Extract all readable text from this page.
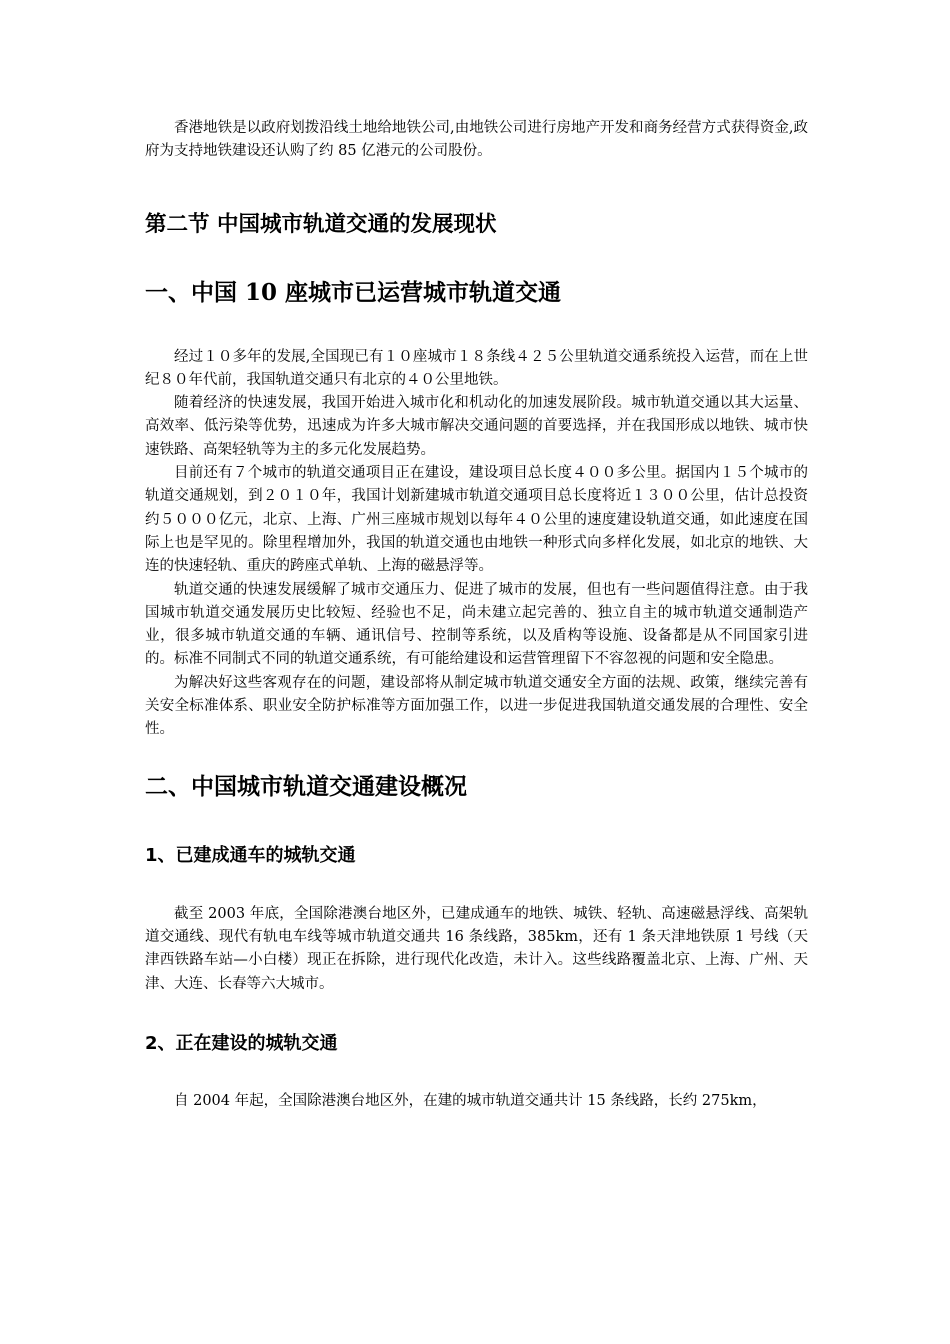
香港地铁是以政府划拨沿线土地给地铁公司,由地铁公司进行房地产开发和商务经营方式获得资金,政府为支持地铁建设还认购了约 85 亿港元的公司股份。

第二节 中国城市轨道交通的发展现状
一、中国 10 座城市已运营城市轨道交通

经过１０多年的发展,全国现已有１０座城市１８条线４２５公里轨道交通系统投入运营，而在上世纪８０年代前，我国轨道交通只有北京的４０公里地铁。

随着经济的快速发展，我国开始进入城市化和机动化的加速发展阶段。城市轨道交通以其大运量、高效率、低污染等优势，迅速成为许多大城市解决交通问题的首要选择，并在我国形成以地铁、城市快速铁路、高架轻轨等为主的多元化发展趋势。

目前还有７个城市的轨道交通项目正在建设，建设项目总长度４００多公里。据国内１５个城市的轨道交通规划，到２０１０年，我国计划新建城市轨道交通项目总长度将近１３００公里，估计总投资约５０００亿元，北京、上海、广州三座城市规划以每年４０公里的速度建设轨道交通，如此速度在国际上也是罕见的。除里程增加外，我国的轨道交通也由地铁一种形式向多样化发展，如北京的地铁、大连的快速轻轨、重庆的跨座式单轨、上海的磁悬浮等。

轨道交通的快速发展缓解了城市交通压力、促进了城市的发展，但也有一些问题值得注意。由于我国城市轨道交通发展历史比较短、经验也不足，尚未建立起完善的、独立自主的城市轨道交通制造产业，很多城市轨道交通的车辆、通讯信号、控制等系统，以及盾构等设施、设备都是从不同国家引进的。标准不同制式不同的轨道交通系统，有可能给建设和运营管理留下不容忽视的问题和安全隐患。

为解决好这些客观存在的问题，建设部将从制定城市轨道交通安全方面的法规、政策，继续完善有关安全标准体系、职业安全防护标准等方面加强工作，以进一步促进我国轨道交通发展的合理性、安全性。

二、中国城市轨道交通建设概况
1、已建成通车的城轨交通

截至 2003 年底，全国除港澳台地区外，已建成通车的地铁、城铁、轻轨、高速磁悬浮线、高架轨道交通线、现代有轨电车线等城市轨道交通共 16 条线路，385km，还有 1 条天津地铁原 1 号线（天津西铁路车站—小白楼）现正在拆除，进行现代化改造，未计入。这些线路覆盖北京、上海、广州、天津、大连、长春等六大城市。

2、正在建设的城轨交通

自 2004 年起，全国除港澳台地区外，在建的城市轨道交通共计 15 条线路，长约 275km，
